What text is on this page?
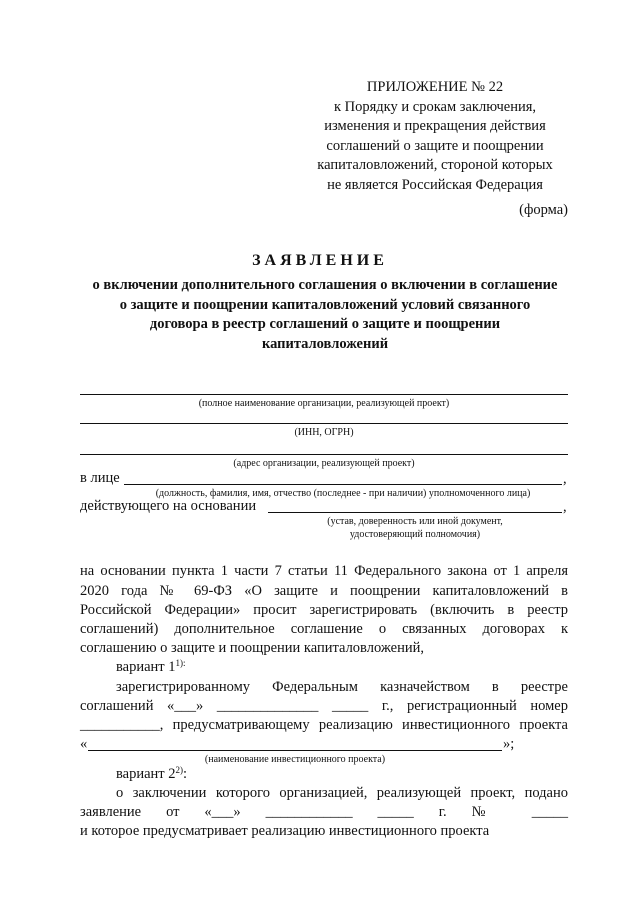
ПРИЛОЖЕНИЕ № 22
к Порядку и срокам заключения,
изменения и прекращения действия
соглашений о защите и поощрении
капиталовложений, стороной которых
не является Российская Федерация
(форма)
ЗАЯВЛЕНИЕ
о включении дополнительного соглашения о включении в соглашение
о защите и поощрении капиталовложений условий связанного
договора в реестр соглашений о защите и поощрении
капиталовложений
(полное наименование организации, реализующей проект)
(ИНН, ОГРН)
(адрес организации, реализующей проект)
в лице	,
(должность, фамилия, имя, отчество (последнее - при наличии) уполномоченного лица)
действующего на основании	,
(устав, доверенность или иной документ,
удостоверяющий полномочия)
на основании пункта 1 части 7 статьи 11 Федерального закона от 1 апреля
2020 года № 69-ФЗ «О защите и поощрении капиталовложений в
Российской Федерации» просит зарегистрировать (включить в реестр
соглашений) дополнительное соглашение о связанных договорах к
соглашению о защите и поощрении капиталовложений,
вариант $1^{1):}$
зарегистрированному Федеральным казначейством в реестре
соглашений «___» ______________ _____ г., регистрационный номер
___________, предусматривающему реализацию инвестиционного проекта
«	»;
(наименование инвестиционного проекта)
вариант 2$^{2)}$:
о заключении которого организацией, реализующей проект, подано
заявление от «___» ____________ _____ г. № _____
и которое предусматривает реализацию инвестиционного проекта
